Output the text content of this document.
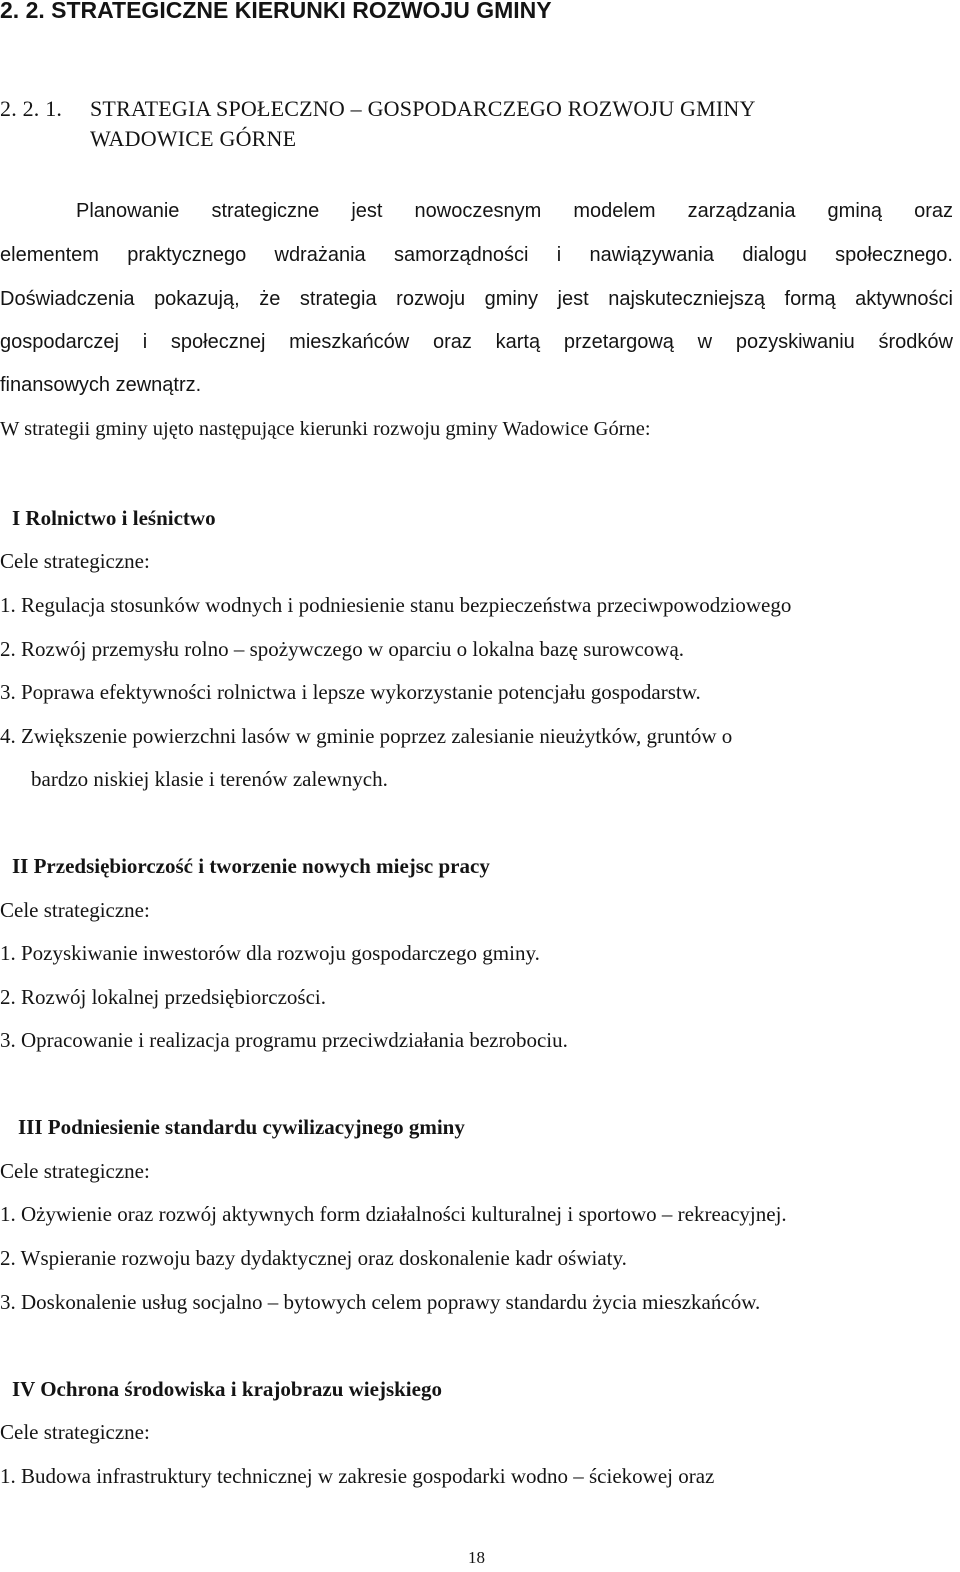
2. 2. STRATEGICZNE KIERUNKI ROZWOJU GMINY
2. 2. 1. STRATEGIA SPOŁECZNO – GOSPODARCZEGO ROZWOJU GMINY
WADOWICE GÓRNE
Planowanie strategiczne jest nowoczesnym modelem zarządzania gminą oraz
elementem praktycznego wdrażania samorządności i nawiązywania dialogu społecznego.
Doświadczenia pokazują, że strategia rozwoju gminy jest najskuteczniejszą formą aktywności
gospodarczej i społecznej mieszkańców oraz kartą przetargową w pozyskiwaniu środków
finansowych zewnątrz.
W strategii gminy ujęto następujące kierunki rozwoju gminy Wadowice Górne:
I Rolnictwo i leśnictwo
Cele strategiczne:
1. Regulacja stosunków wodnych i podniesienie stanu bezpieczeństwa przeciwpowodziowego
2. Rozwój przemysłu rolno – spożywczego w oparciu o lokalna bazę surowcową.
3. Poprawa efektywności rolnictwa i lepsze wykorzystanie potencjału gospodarstw.
4. Zwiększenie powierzchni lasów w gminie poprzez zalesianie nieużytków, gruntów o
bardzo niskiej klasie i terenów zalewnych.
II Przedsiębiorczość i tworzenie nowych miejsc pracy
Cele strategiczne:
1. Pozyskiwanie inwestorów dla rozwoju gospodarczego gminy.
2. Rozwój lokalnej przedsiębiorczości.
3. Opracowanie i realizacja programu przeciwdziałania bezrobociu.
III Podniesienie standardu cywilizacyjnego gminy
Cele strategiczne:
1. Ożywienie oraz rozwój aktywnych form działalności kulturalnej i sportowo – rekreacyjnej.
2. Wspieranie rozwoju bazy dydaktycznej oraz doskonalenie kadr oświaty.
3. Doskonalenie usług socjalno – bytowych celem poprawy standardu życia mieszkańców.
IV Ochrona środowiska i krajobrazu wiejskiego
Cele strategiczne:
1. Budowa infrastruktury technicznej w zakresie gospodarki wodno – ściekowej oraz
18
